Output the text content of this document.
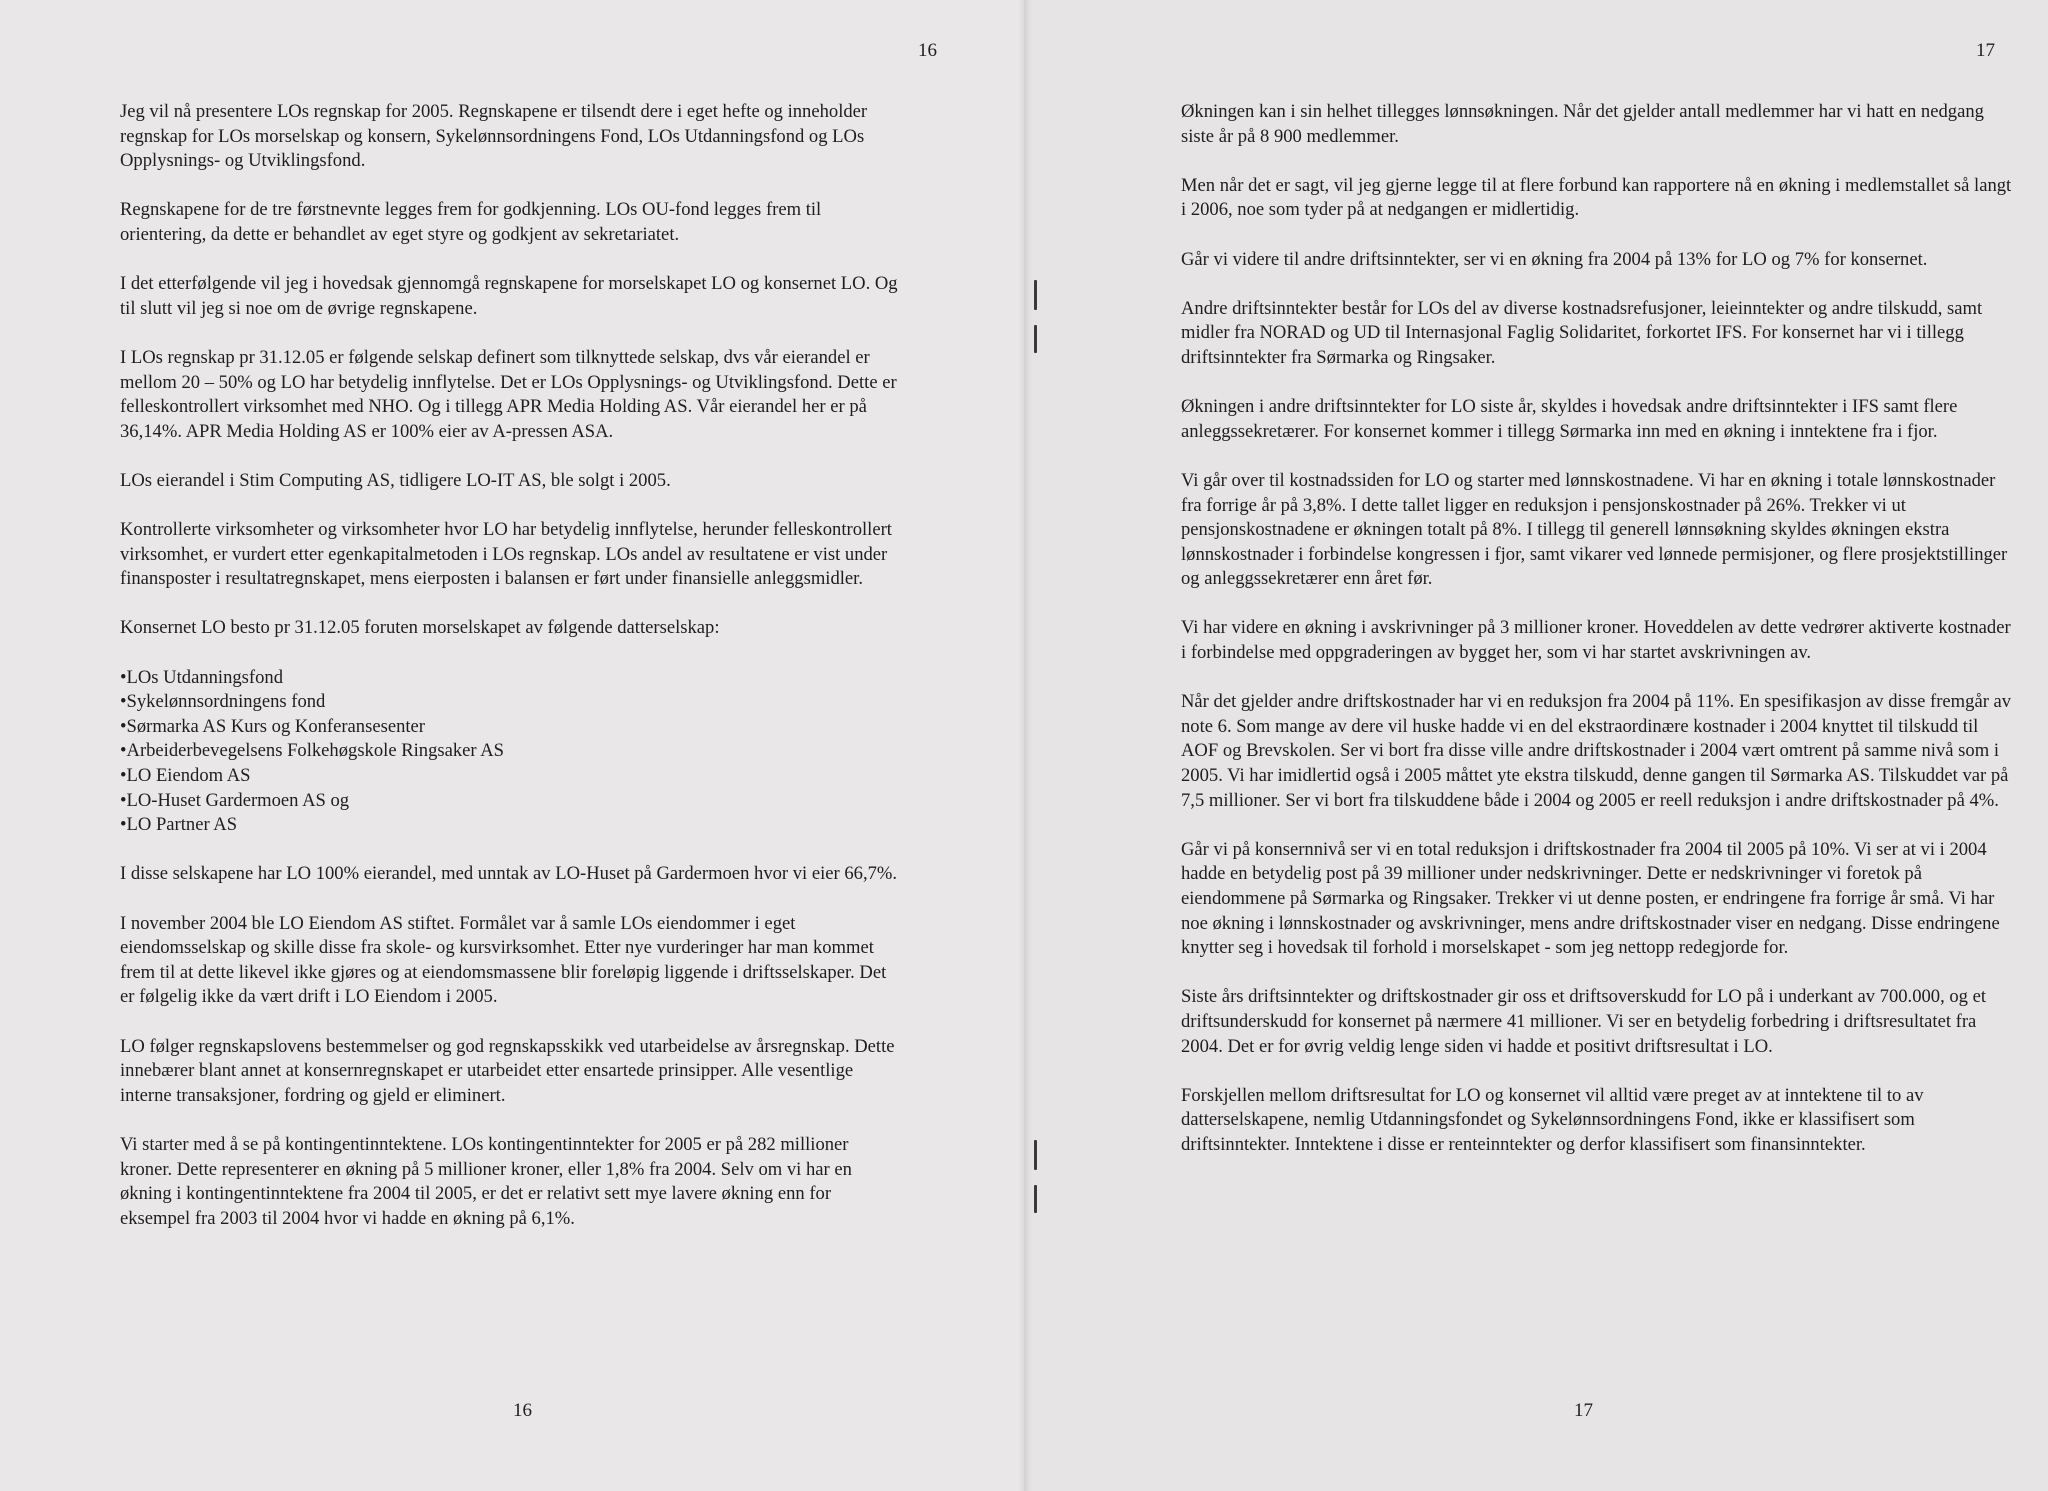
16

Jeg vil nå presentere LOs regnskap for 2005. Regnskapene er tilsendt dere i eget hefte og inneholder regnskap for LOs morselskap og konsern, Sykelønnsordningens Fond, LOs Utdanningsfond og LOs Opplysnings- og Utviklingsfond.

Regnskapene for de tre førstnevnte legges frem for godkjenning. LOs OU-fond legges frem til orientering, da dette er behandlet av eget styre og godkjent av sekretariatet.

I det etterfølgende vil jeg i hovedsak gjennomgå regnskapene for morselskapet LO og konsernet LO. Og til slutt vil jeg si noe om de øvrige regnskapene.

I LOs regnskap pr 31.12.05 er følgende selskap definert som tilknyttede selskap, dvs vår eierandel er mellom 20 – 50% og LO har betydelig innflytelse. Det er LOs Opplysnings- og Utviklingsfond. Dette er felleskontrollert virksomhet med NHO. Og i tillegg APR Media Holding AS. Vår eierandel her er på 36,14%. APR Media Holding AS er 100% eier av A-pressen ASA.

LOs eierandel i Stim Computing AS, tidligere LO-IT AS, ble solgt i 2005.

Kontrollerte virksomheter og virksomheter hvor LO har betydelig innflytelse, herunder felleskontrollert virksomhet, er vurdert etter egenkapitalmetoden i LOs regnskap. LOs andel av resultatene er vist under finansposter i resultatregnskapet, mens eierposten i balansen er ført under finansielle anleggsmidler.

Konsernet LO besto pr 31.12.05 foruten morselskapet av følgende datterselskap:

• LOs Utdanningsfond
• Sykelønnsordningens fond
• Sørmarka AS Kurs og Konferansesenter
• Arbeiderbevegelsens Folkehøgskole Ringsaker AS
• LO Eiendom AS
• LO-Huset Gardermoen AS og
• LO Partner AS

I disse selskapene har LO 100% eierandel, med unntak av LO-Huset på Gardermoen hvor vi eier 66,7%.

I november 2004 ble LO Eiendom AS stiftet. Formålet var å samle LOs eiendommer i eget eiendomsselskap og skille disse fra skole- og kursvirksomhet. Etter nye vurderinger har man kommet frem til at dette likevel ikke gjøres og at eiendomsmassene blir foreløpig liggende i driftsselskaper. Det er følgelig ikke da vært drift i LO Eiendom i 2005.

LO følger regnskapslovens bestemmelser og god regnskapsskikk ved utarbeidelse av årsregnskap. Dette innebærer blant annet at konsernregnskapet er utarbeidet etter ensartede prinsipper. Alle vesentlige interne transaksjoner, fordring og gjeld er eliminert.

Vi starter med å se på kontingentinntektene. LOs kontingentinntekter for 2005 er på 282 millioner kroner. Dette representerer en økning på 5 millioner kroner, eller 1,8% fra 2004. Selv om vi har en økning i kontingentinntektene fra 2004 til 2005, er det er relativt sett mye lavere økning enn for eksempel fra 2003 til 2004 hvor vi hadde en økning på 6,1%.

16
17

Økningen kan i sin helhet tillegges lønnsøkningen. Når det gjelder antall medlemmer har vi hatt en nedgang siste år på 8 900 medlemmer.

Men når det er sagt, vil jeg gjerne legge til at flere forbund kan rapportere nå en økning i medlemstallet så langt i 2006, noe som tyder på at nedgangen er midlertidig.

Går vi videre til andre driftsinntekter, ser vi en økning fra 2004 på 13% for LO og 7% for konsernet.

Andre driftsinntekter består for LOs del av diverse kostnadsrefusjoner, leieinntekter og andre tilskudd, samt midler fra NORAD og UD til Internasjonal Faglig Solidaritet, forkortet IFS. For konsernet har vi i tillegg driftsinntekter fra Sørmarka og Ringsaker.

Økningen i andre driftsinntekter for LO siste år, skyldes i hovedsak andre driftsinntekter i IFS samt flere anleggssekretærer. For konsernet kommer i tillegg Sørmarka inn med en økning i inntektene fra i fjor.

Vi går over til kostnadssiden for LO og starter med lønnskostnadene. Vi har en økning i totale lønnskostnader fra forrige år på 3,8%. I dette tallet ligger en reduksjon i pensjonskostnader på 26%. Trekker vi ut pensjonskostnadene er økningen totalt på 8%. I tillegg til generell lønnsøkning skyldes økningen ekstra lønnskostnader i forbindelse kongressen i fjor, samt vikarer ved lønnede permisjoner, og flere prosjektstillinger og anleggssekretærer enn året før.

Vi har videre en økning i avskrivninger på 3 millioner kroner. Hoveddelen av dette vedrører aktiverte kostnader i forbindelse med oppgraderingen av bygget her, som vi har startet avskrivningen av.

Når det gjelder andre driftskostnader har vi en reduksjon fra 2004 på 11%. En spesifikasjon av disse fremgår av note 6. Som mange av dere vil huske hadde vi en del ekstraordinære kostnader i 2004 knyttet til tilskudd til AOF og Brevskolen. Ser vi bort fra disse ville andre driftskostnader i 2004 vært omtrent på samme nivå som i 2005. Vi har imidlertid også i 2005 måttet yte ekstra tilskudd, denne gangen til Sørmarka AS. Tilskuddet var på 7,5 millioner. Ser vi bort fra tilskuddene både i 2004 og 2005 er reell reduksjon i andre driftskostnader på 4%.

Går vi på konsernnivå ser vi en total reduksjon i driftskostnader fra 2004 til 2005 på 10%. Vi ser at vi i 2004 hadde en betydelig post på 39 millioner under nedskrivninger. Dette er nedskrivninger vi foretok på eiendommene på Sørmarka og Ringsaker. Trekker vi ut denne posten, er endringene fra forrige år små. Vi har noe økning i lønnskostnader og avskrivninger, mens andre driftskostnader viser en nedgang. Disse endringene knytter seg i hovedsak til forhold i morselskapet - som jeg nettopp redegjorde for.

Siste års driftsinntekter og driftskostnader gir oss et driftsoverskudd for LO på i underkant av 700.000, og et driftsunderskudd for konsernet på nærmere 41 millioner. Vi ser en betydelig forbedring i driftsresultatet fra 2004. Det er for øvrig veldig lenge siden vi hadde et positivt driftsresultat i LO.

Forskjellen mellom driftsresultat for LO og konsernet vil alltid være preget av at inntektene til to av datterselskapene, nemlig Utdanningsfondet og Sykelønnsordningens Fond, ikke er klassifisert som driftsinntekter. Inntektene i disse er renteinntekter og derfor klassifisert som finansinntekter.

17
